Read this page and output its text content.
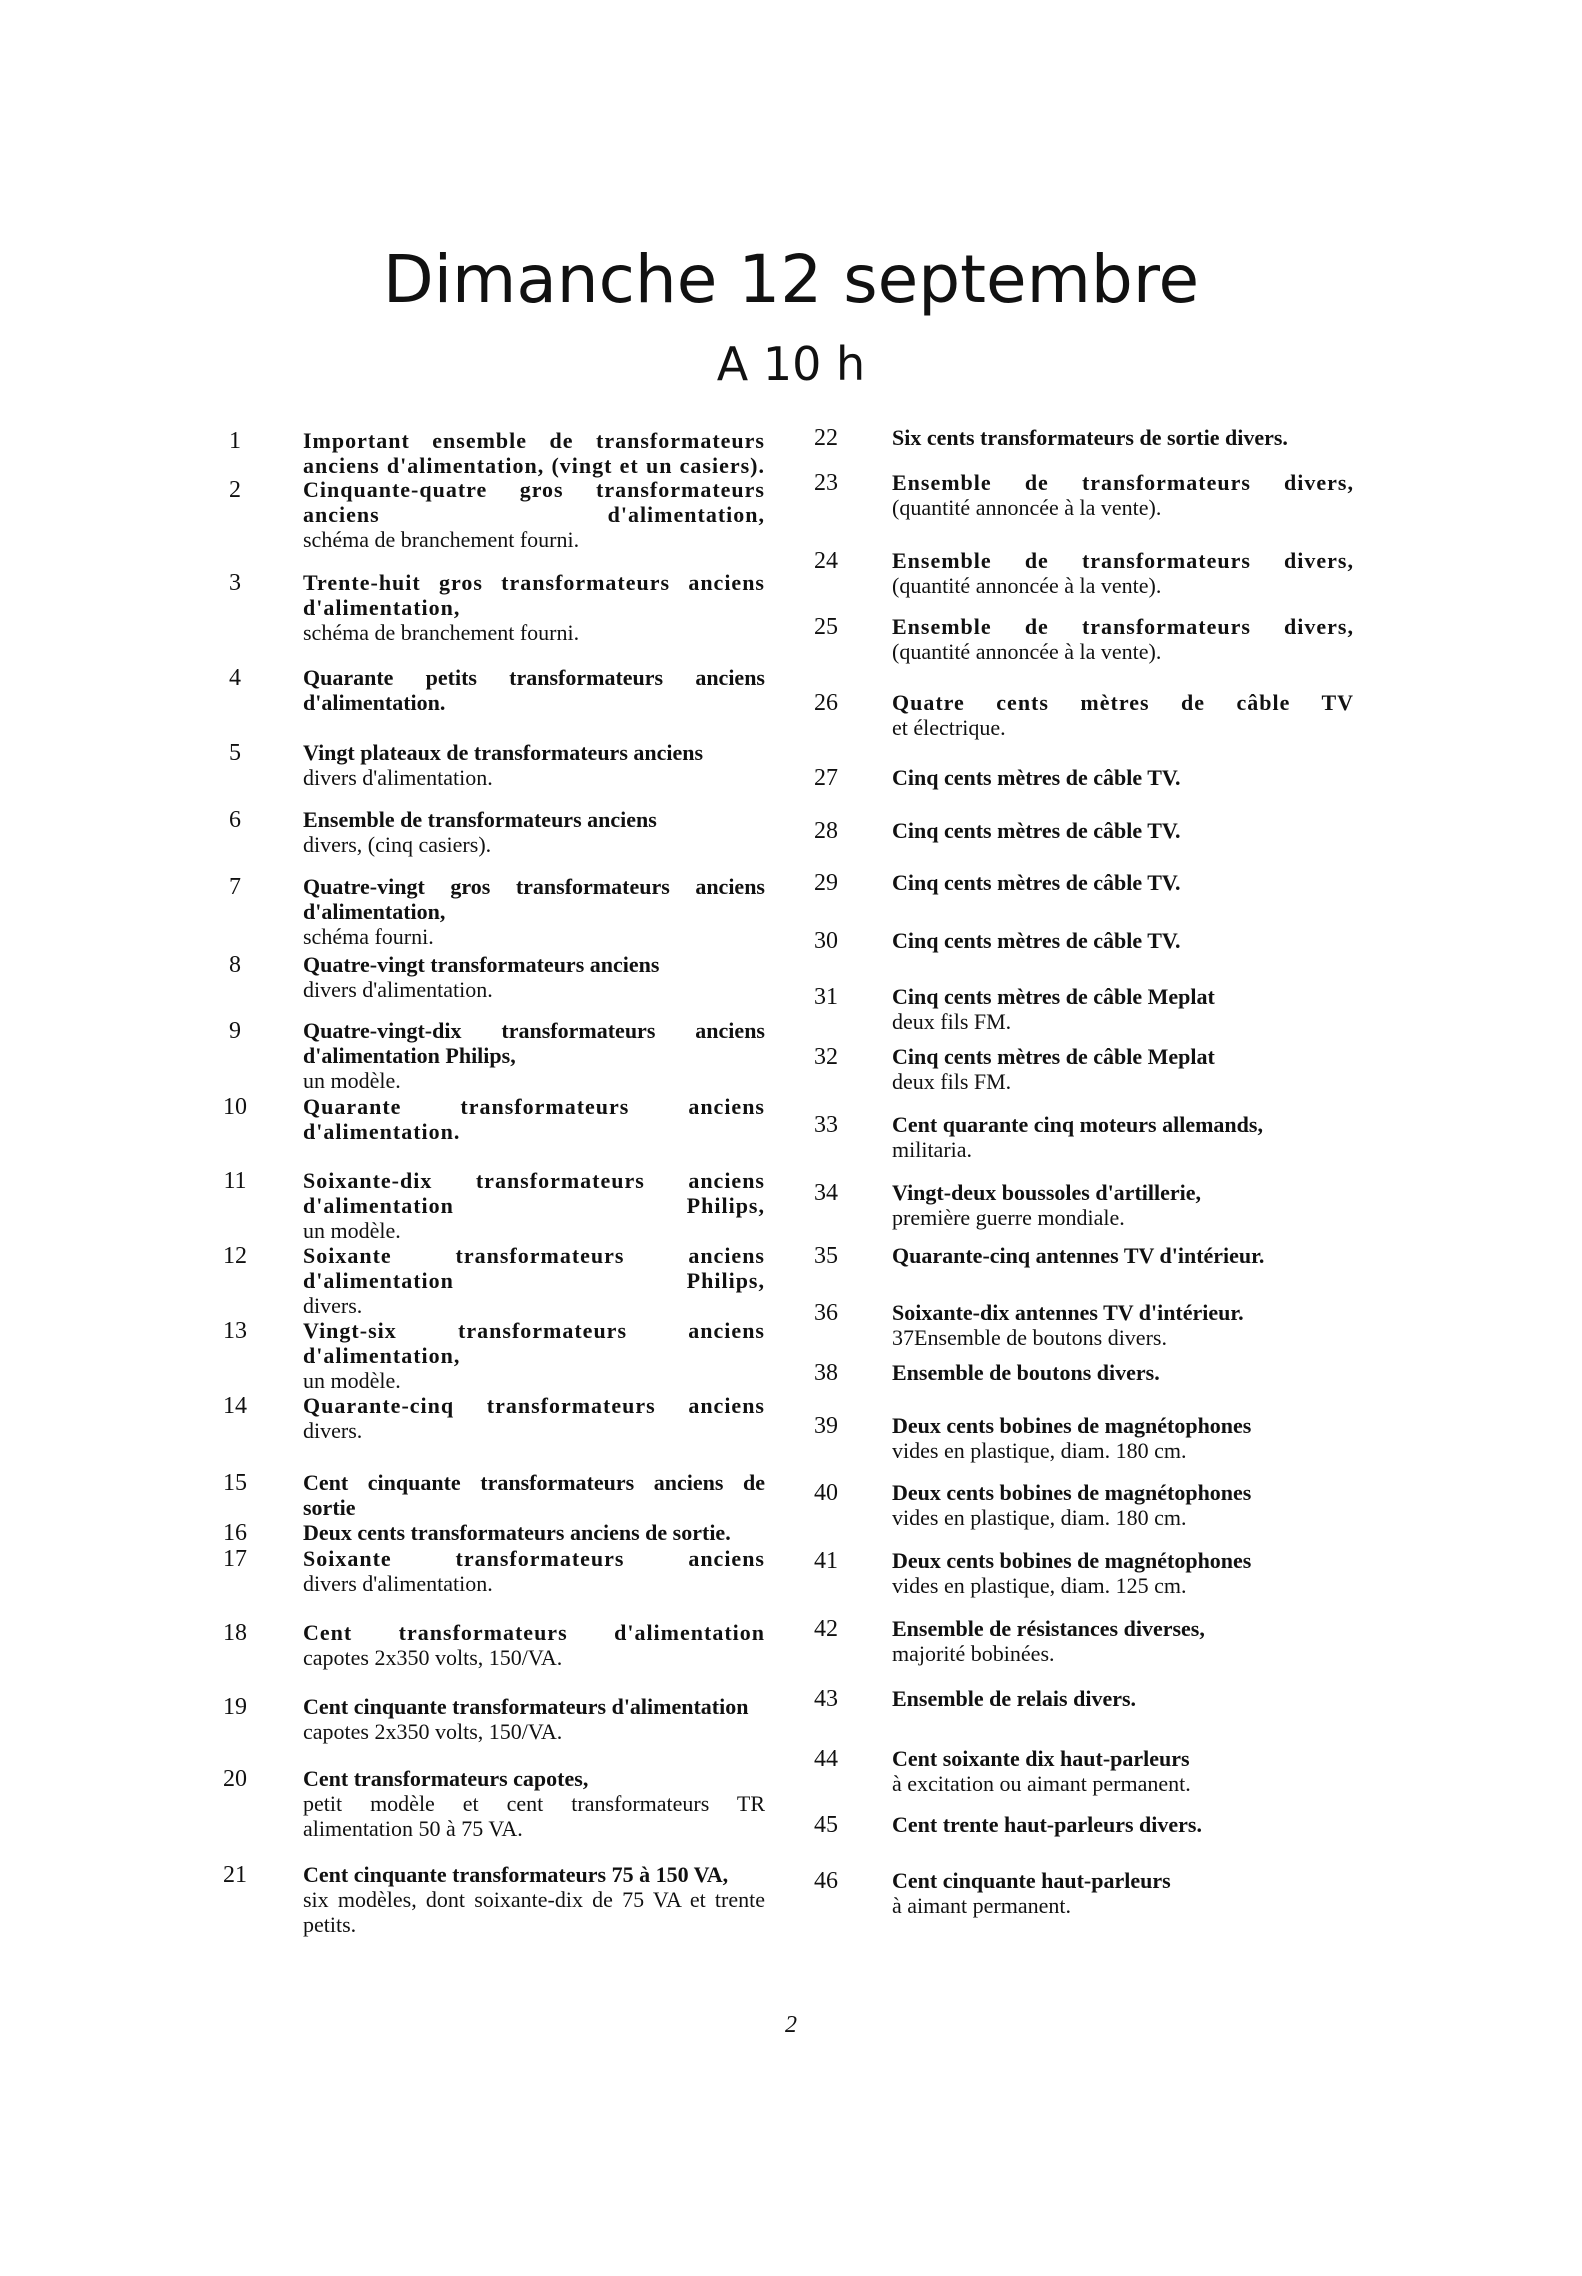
Dimanche 12 septembre
A 10 h
1	Important ensemble de transformateurs anciens d'alimentation, (vingt et un casiers).
2	Cinquante-quatre gros transformateurs anciens d'alimentation,
schéma de branchement fourni.
3	Trente-huit gros transformateurs anciens d'alimentation,
schéma de branchement fourni.
4	Quarante petits transformateurs anciens d'alimentation.
5	Vingt plateaux de transformateurs anciens
divers d'alimentation.
6	Ensemble de transformateurs anciens
divers, (cinq casiers).
7	Quatre-vingt gros transformateurs anciens d'alimentation,
schéma fourni.
8	Quatre-vingt transformateurs anciens
divers d'alimentation.
9	Quatre-vingt-dix transformateurs anciens d'alimentation Philips,
un modèle.
10	Quarante transformateurs anciens d'alimentation.
11	Soixante-dix transformateurs anciens d'alimentation Philips,
un modèle.
12	Soixante transformateurs anciens d'alimentation Philips,
divers.
13	Vingt-six transformateurs anciens d'alimentation,
un modèle.
14	Quarante-cinq transformateurs anciens
divers.
15	Cent cinquante transformateurs anciens de sortie
16	Deux cents transformateurs anciens de sortie.
17	Soixante transformateurs anciens
divers d'alimentation.
18	Cent transformateurs d'alimentation
capotes 2x350 volts, 150/VA.
19	Cent cinquante transformateurs d'alimentation
capotes 2x350 volts, 150/VA.
20	Cent transformateurs capotes,
petit modèle et cent transformateurs TR alimentation 50 à 75 VA.
21	Cent cinquante transformateurs 75 à 150 VA,
six modèles, dont soixante-dix de 75 VA et trente petits.
22	Six cents transformateurs de sortie divers.
23	Ensemble de transformateurs divers,
(quantité annoncée à la vente).
24	Ensemble de transformateurs divers,
(quantité annoncée à la vente).
25	Ensemble de transformateurs divers,
(quantité annoncée à la vente).
26	Quatre cents mètres de câble TV
et électrique.
27	Cinq cents mètres de câble TV.
28	Cinq cents mètres de câble TV.
29	Cinq cents mètres de câble TV.
30	Cinq cents mètres de câble TV.
31	Cinq cents mètres de câble Meplat
deux fils FM.
32	Cinq cents mètres de câble Meplat
deux fils FM.
33	Cent quarante cinq moteurs allemands,
militaria.
34	Vingt-deux boussoles d'artillerie,
première guerre mondiale.
35	Quarante-cinq antennes TV d'intérieur.
36	Soixante-dix antennes TV d'intérieur.
37Ensemble de boutons divers.
38	Ensemble de boutons divers.
39	Deux cents bobines de magnétophones
vides en plastique, diam. 180 cm.
40	Deux cents bobines de magnétophones
vides en plastique, diam. 180 cm.
41	Deux cents bobines de magnétophones
vides en plastique, diam. 125 cm.
42	Ensemble de résistances diverses,
majorité bobinées.
43	Ensemble de relais divers.
44	Cent soixante dix haut-parleurs
à excitation ou aimant permanent.
45	Cent trente haut-parleurs divers.
46	Cent cinquante haut-parleurs
à aimant permanent.
2
